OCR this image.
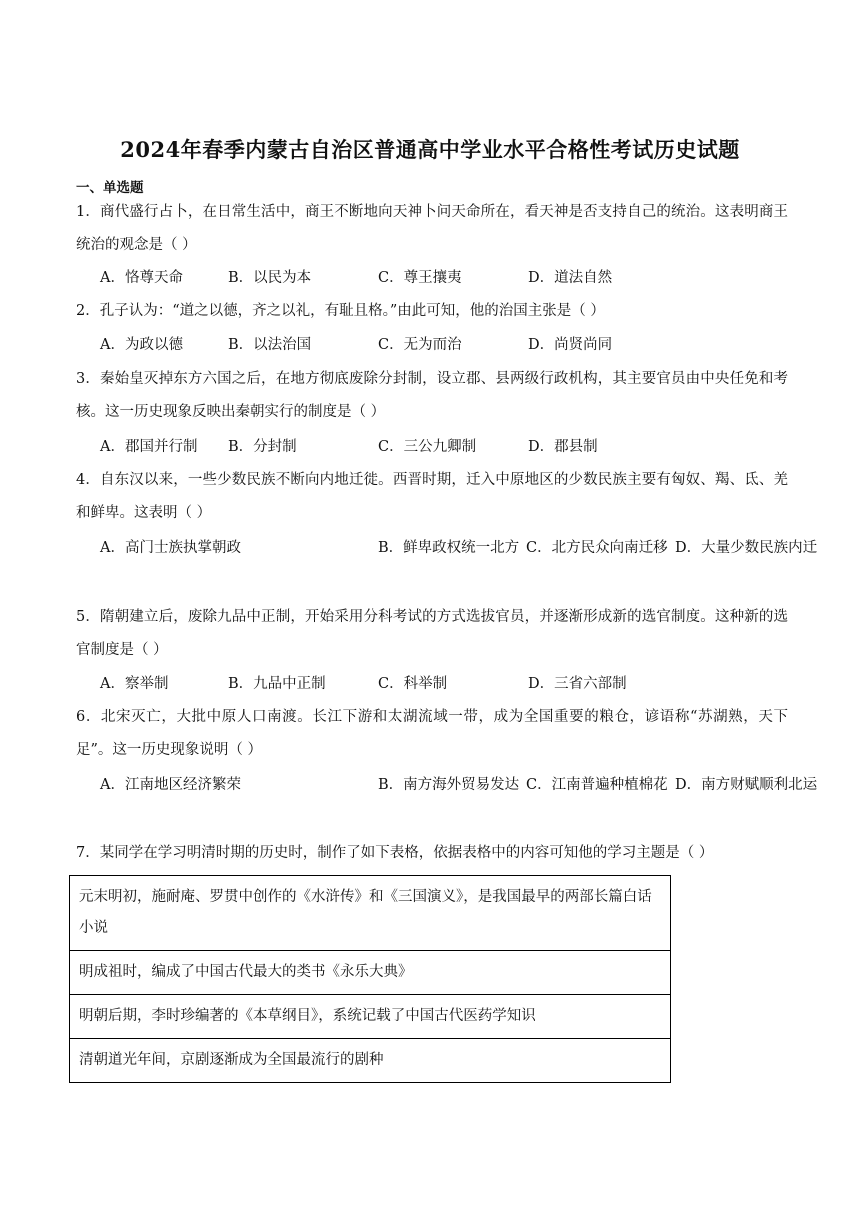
2024年春季内蒙古自治区普通高中学业水平合格性考试历史试题
一、单选题
1．商代盛行占卜，在日常生活中，商王不断地向天神卜问天命所在，看天神是否支持自己的统治。这表明商王统治的观念是（ ）
A．恪尊天命	B．以民为本	C．尊王攘夷	D．道法自然
2．孔子认为：“道之以德，齐之以礼，有耻且格。”由此可知，他的治国主张是（ ）
A．为政以德	B．以法治国	C．无为而治	D．尚贤尚同
3．秦始皇灭掉东方六国之后，在地方彻底废除分封制，设立郡、县两级行政机构，其主要官员由中央任免和考核。这一历史现象反映出秦朝实行的制度是（ ）
A．郡国并行制 B．分封制	C．三公九卿制	D．郡县制
4．自东汉以来，一些少数民族不断向内地迁徙。西晋时期，迁入中原地区的少数民族主要有匈奴、羯、氐、羌和鲜卑。这表明（ ）
A．高门士族执掌朝政	B．鲜卑政权统一北方 C．北方民众向南迁移 D．大量少数民族内迁
5．隋朝建立后，废除九品中正制，开始采用分科考试的方式选拔官员，并逐渐形成新的选官制度。这种新的选官制度是（ ）
A．察举制	B．九品中正制	C．科举制	D．三省六部制
6．北宋灭亡，大批中原人口南渡。长江下游和太湖流域一带，成为全国重要的粮仓，谚语称“苏湖熟，天下足”。这一历史现象说明（ ）
A．江南地区经济繁荣	B．南方海外贸易发达 C．江南普遍种植棉花 D．南方财赋顺利北运
7．某同学在学习明清时期的历史时，制作了如下表格，依据表格中的内容可知他的学习主题是（ ）
元末明初，施耐庵、罗贯中创作的《水浒传》和《三国演义》，是我国最早的两部长篇白话小说
明成祖时，编成了中国古代最大的类书《永乐大典》
明朝后期，李时珍编著的《本草纲目》，系统记载了中国古代医药学知识
清朝道光年间，京剧逐渐成为全国最流行的剧种
